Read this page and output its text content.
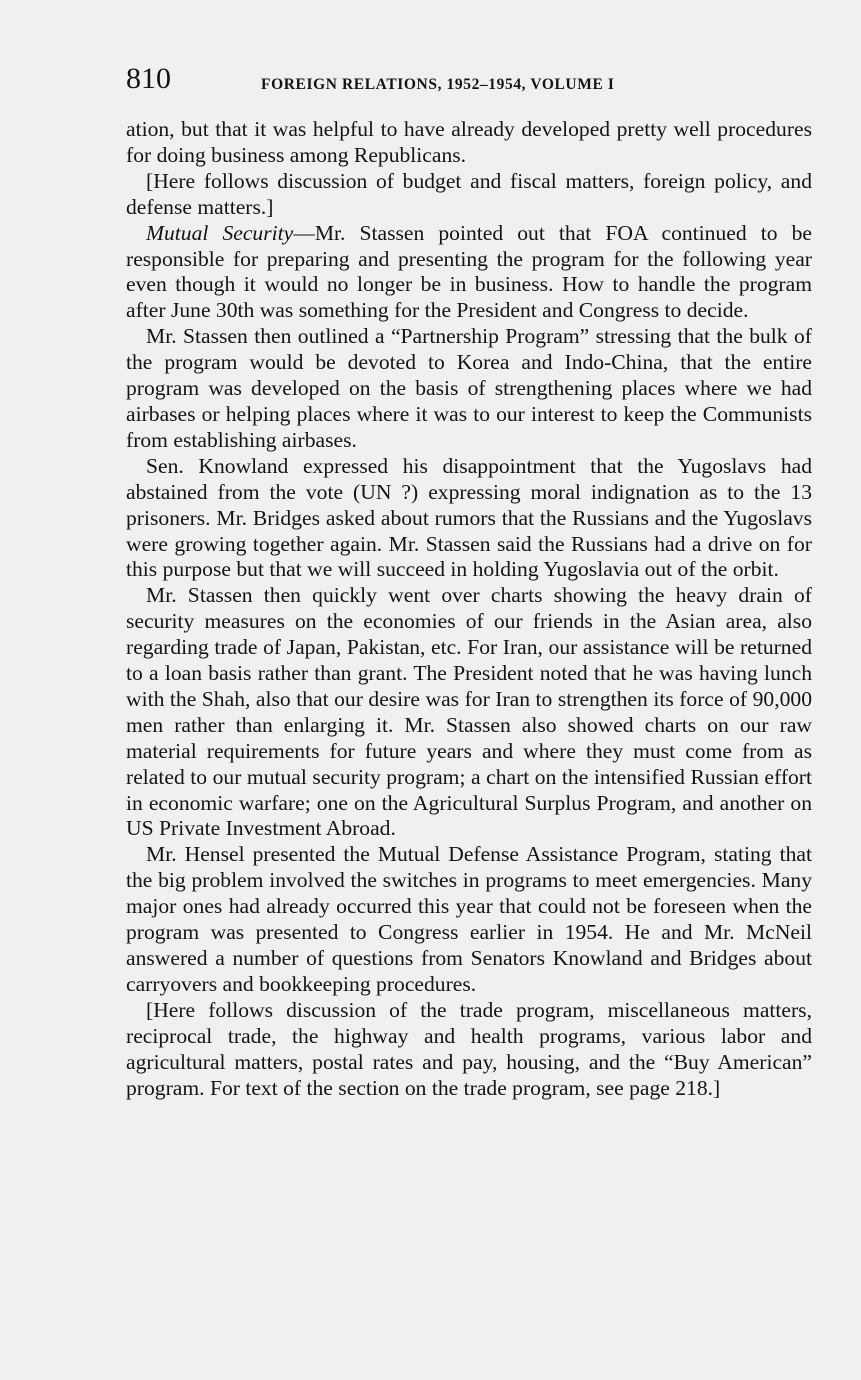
810	FOREIGN RELATIONS, 1952–1954, VOLUME I

ation, but that it was helpful to have already developed pretty well procedures for doing business among Republicans.

[Here follows discussion of budget and fiscal matters, foreign policy, and defense matters.]

Mutual Security—Mr. Stassen pointed out that FOA continued to be responsible for preparing and presenting the program for the following year even though it would no longer be in business. How to handle the program after June 30th was something for the President and Congress to decide.

Mr. Stassen then outlined a “Partnership Program” stressing that the bulk of the program would be devoted to Korea and Indo-China, that the entire program was developed on the basis of strengthening places where we had airbases or helping places where it was to our interest to keep the Communists from establishing airbases.

Sen. Knowland expressed his disappointment that the Yugoslavs had abstained from the vote (UN ?) expressing moral indignation as to the 13 prisoners. Mr. Bridges asked about rumors that the Russians and the Yugoslavs were growing together again. Mr. Stassen said the Russians had a drive on for this purpose but that we will succeed in holding Yugoslavia out of the orbit.

Mr. Stassen then quickly went over charts showing the heavy drain of security measures on the economies of our friends in the Asian area, also regarding trade of Japan, Pakistan, etc. For Iran, our assistance will be returned to a loan basis rather than grant. The President noted that he was having lunch with the Shah, also that our desire was for Iran to strengthen its force of 90,000 men rather than enlarging it. Mr. Stassen also showed charts on our raw material requirements for future years and where they must come from as related to our mutual security program; a chart on the intensified Russian effort in economic warfare; one on the Agricultural Surplus Program, and another on US Private Investment Abroad.

Mr. Hensel presented the Mutual Defense Assistance Program, stating that the big problem involved the switches in programs to meet emergencies. Many major ones had already occurred this year that could not be foreseen when the program was presented to Congress earlier in 1954. He and Mr. McNeil answered a number of questions from Senators Knowland and Bridges about carryovers and bookkeeping procedures.

[Here follows discussion of the trade program, miscellaneous matters, reciprocal trade, the highway and health programs, various labor and agricultural matters, postal rates and pay, housing, and the “Buy American” program. For text of the section on the trade program, see page 218.]
